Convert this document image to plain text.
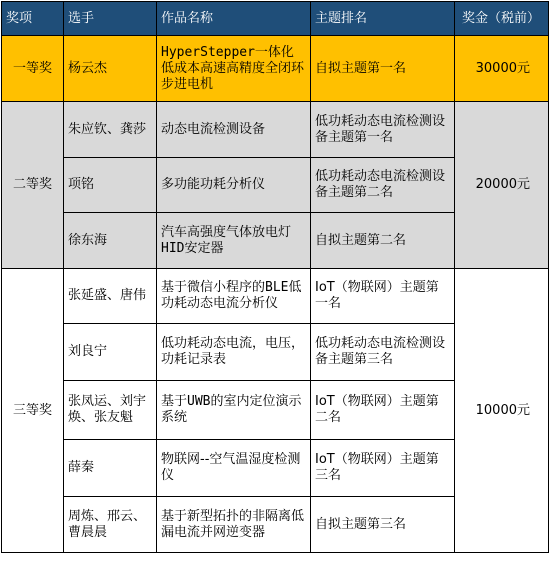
奖项	选手	作品名称	主题排名	奖金（税前）
一等奖	杨云杰	HyperStepper一体化低成本高速高精度全闭环步进电机	自拟主题第一名	30000元
二等奖	朱应钦、龚莎	动态电流检测设备	低功耗动态电流检测设备主题第一名	20000元
	项铭	多功能功耗分析仪	低功耗动态电流检测设备主题第二名	
	徐东海	汽车高强度气体放电灯HID安定器	自拟主题第二名	
三等奖	张延盛、唐伟	基于微信小程序的BLE低功耗动态电流分析仪	IoT（物联网）主题第一名	10000元
	刘良宁	低功耗动态电流，电压，功耗记录表	低功耗动态电流检测设备主题第三名	
	张凤运、刘宇焕、张友魁	基于UWB的室内定位演示系统	IoT（物联网）主题第二名	
	薛秦	物联网--空气温湿度检测仪	IoT（物联网）主题第三名	
	周炼、邢云、曹晨晨	基于新型拓扑的非隔离低漏电流并网逆变器	自拟主题第三名	
